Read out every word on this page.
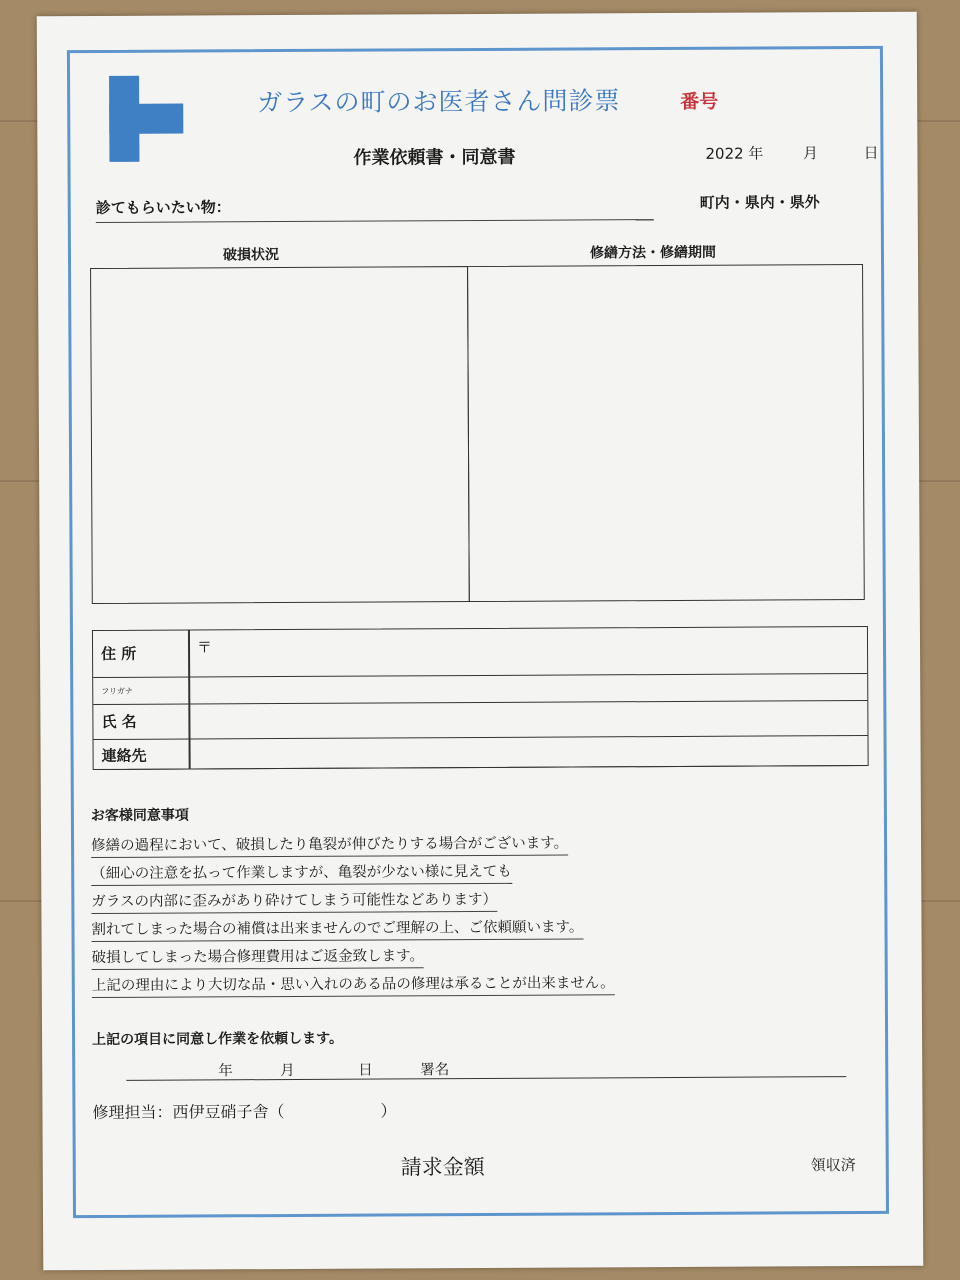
ガラスの町のお医者さん問診票	番号
作業依頼書・同意書	2022 年	月	日
診てもらいたい物：	町内・県内・県外
破損状況	修繕方法・修繕期間
住 所	〒
フリガナ
氏 名
連絡先
お客様同意事項
修繕の過程において、破損したり亀裂が伸びたりする場合がございます。
（細心の注意を払って作業しますが、亀裂が少ない様に見えても
ガラスの内部に歪みがあり砕けてしまう可能性などあります）
割れてしまった場合の補償は出来ませんのでご理解の上、ご依頼願います。
破損してしまった場合修理費用はご返金致します。
上記の理由により大切な品・思い入れのある品の修理は承ることが出来ません。
上記の項目に同意し作業を依頼します。
年	月	日	署名
修理担当：西伊豆硝子舎（　　　　　　）
請求金額	領収済
